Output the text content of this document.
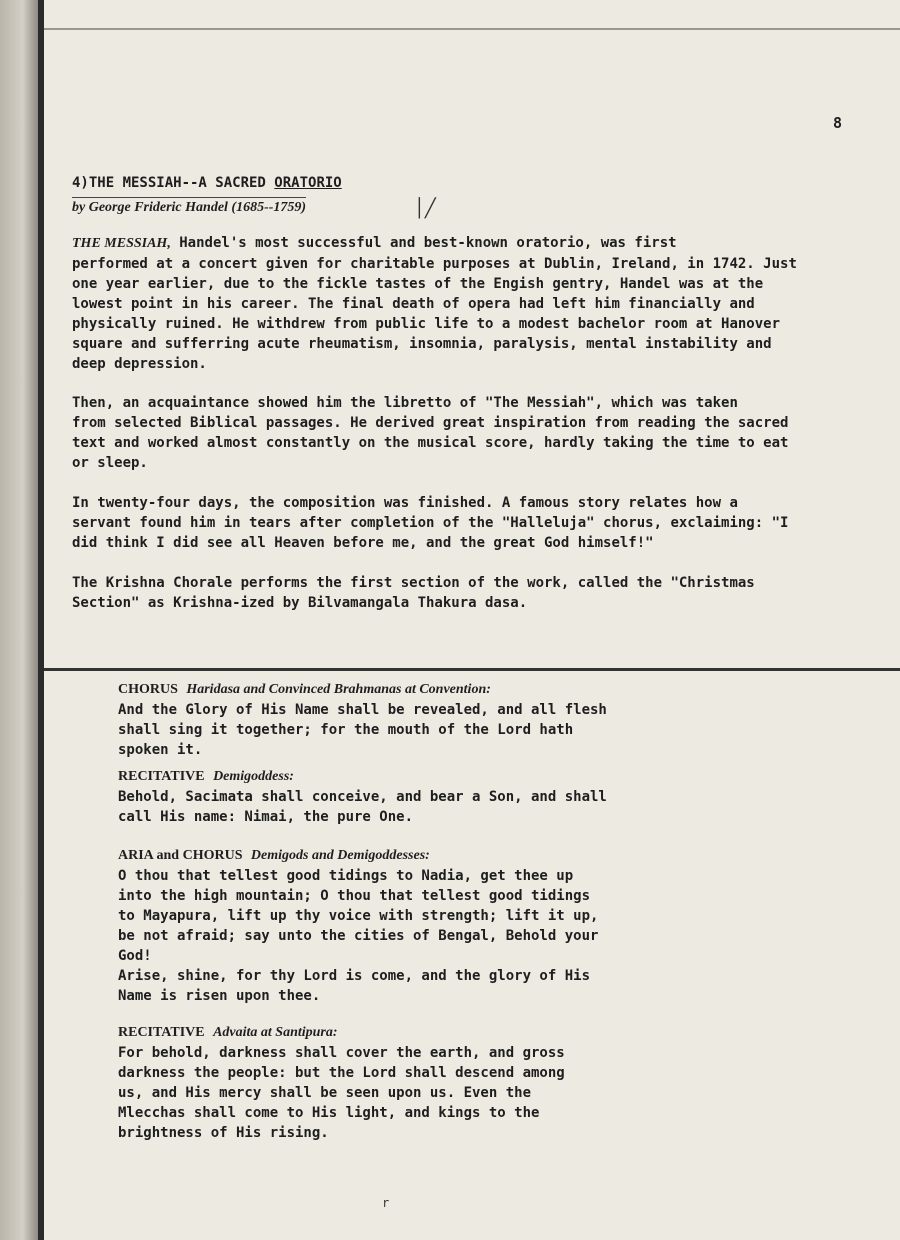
8
4)THE MESSIAH--A SACRED ORATORIO
by George Frideric Handel (1685--1759)	│╱

THE MESSIAH, Handel's most successful and best-known oratorio, was first
performed at a concert given for charitable purposes at Dublin, Ireland, in 1742. Just
one year earlier, due to the fickle tastes of the Engish gentry, Handel was at the
lowest point in his career. The final death of opera had left him financially and
physically ruined. He withdrew from public life to a modest bachelor room at Hanover
square and sufferring acute rheumatism, insomnia, paralysis, mental instability and
deep depression.

Then, an acquaintance showed him the libretto of "The Messiah", which was taken
from selected Biblical passages. He derived great inspiration from reading the sacred
text and worked almost constantly on the musical score, hardly taking the time to eat
or sleep.

In twenty-four days, the composition was finished. A famous story relates how a
servant found him in tears after completion of the "Halleluja" chorus, exclaiming: "I
did think I did see all Heaven before me, and the great God himself!"

The Krishna Chorale performs the first section of the work, called the "Christmas
Section" as Krishna-ized by Bilvamangala Thakura dasa.

CHORUS Haridasa and Convinced Brahmanas at Convention:
And the Glory of His Name shall be revealed, and all flesh
shall sing it together; for the mouth of the Lord hath
spoken it.
RECITATIVE Demigoddess:
Behold, Sacimata shall conceive, and bear a Son, and shall
call His name: Nimai, the pure One.
ARIA and CHORUS Demigods and Demigoddesses:
O thou that tellest good tidings to Nadia, get thee up
into the high mountain; O thou that tellest good tidings
to Mayapura, lift up thy voice with strength; lift it up,
be not afraid; say unto the cities of Bengal, Behold your
God!
Arise, shine, for thy Lord is come, and the glory of His
Name is risen upon thee.
RECITATIVE Advaita at Santipura:
For behold, darkness shall cover the earth, and gross
darkness the people: but the Lord shall descend among
us, and His mercy shall be seen upon us. Even the
Mlecchas shall come to His light, and kings to the
brightness of His rising.
r
